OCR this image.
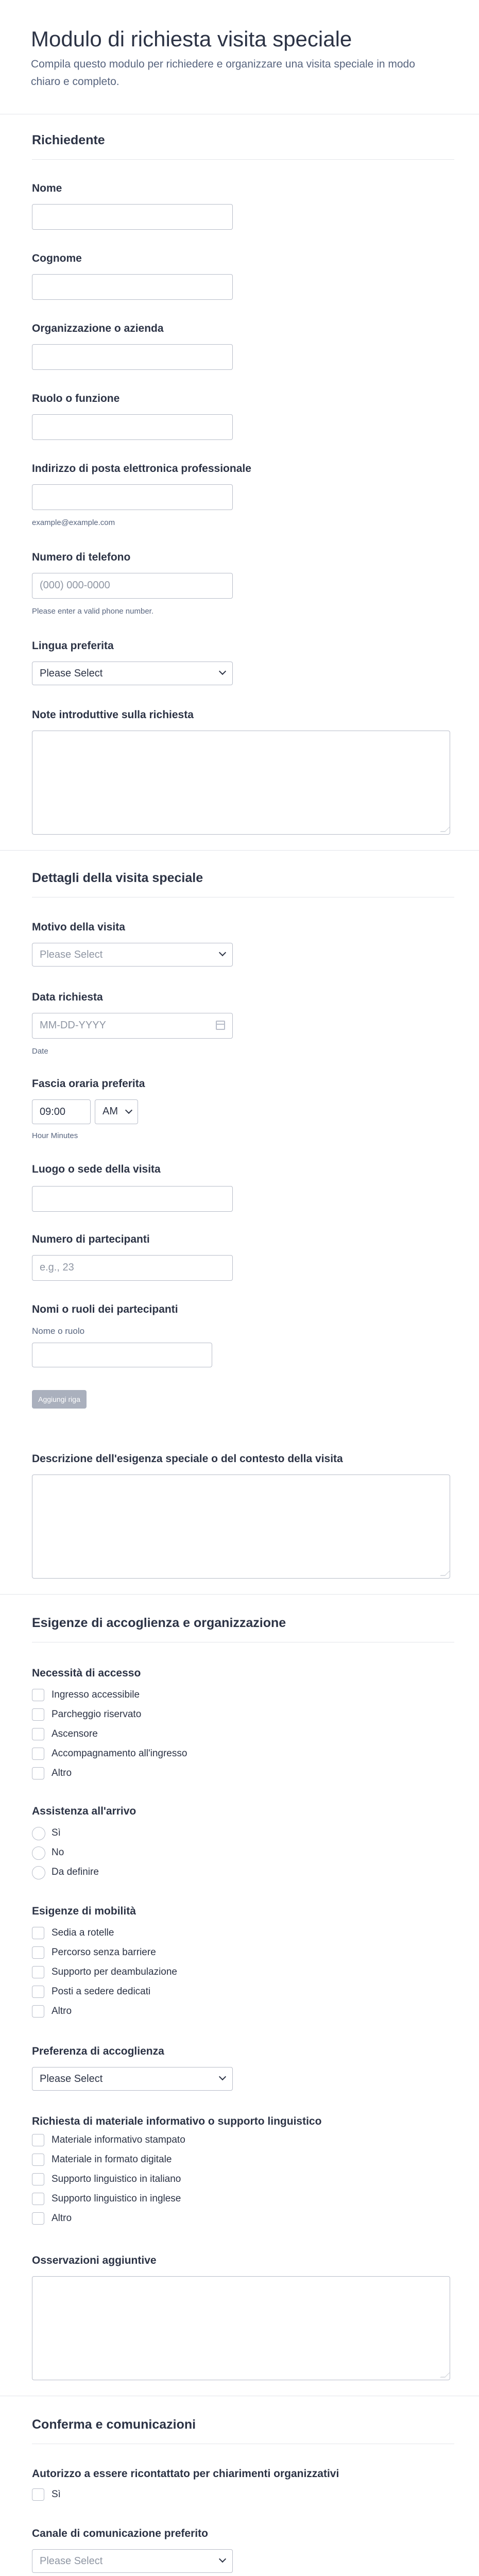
Modulo di richiesta visita speciale
Compila questo modulo per richiedere e organizzare una visita speciale in modo chiaro e completo.
Richiedente
Nome
Cognome
Organizzazione o azienda
Ruolo o funzione
Indirizzo di posta elettronica professionale
example@example.com
Numero di telefono
(000) 000-0000
Please enter a valid phone number.
Lingua preferita
Please Select
Note introduttive sulla richiesta
Dettagli della visita speciale
Motivo della visita
Please Select
Data richiesta
MM-DD-YYYY
Date
Fascia oraria preferita
09:00	AM
Hour Minutes
Luogo o sede della visita
Numero di partecipanti
e.g., 23
Nomi o ruoli dei partecipanti
Nome o ruolo
Aggiungi riga
Descrizione dell'esigenza speciale o del contesto della visita
Esigenze di accoglienza e organizzazione
Necessità di accesso
Ingresso accessibile
Parcheggio riservato
Ascensore
Accompagnamento all'ingresso
Altro
Assistenza all'arrivo
Sì
No
Da definire
Esigenze di mobilità
Sedia a rotelle
Percorso senza barriere
Supporto per deambulazione
Posti a sedere dedicati
Altro
Preferenza di accoglienza
Please Select
Richiesta di materiale informativo o supporto linguistico
Materiale informativo stampato
Materiale in formato digitale
Supporto linguistico in italiano
Supporto linguistico in inglese
Altro
Osservazioni aggiuntive
Conferma e comunicazioni
Autorizzo a essere ricontattato per chiarimenti organizzativi
Sì
Canale di comunicazione preferito
Please Select
